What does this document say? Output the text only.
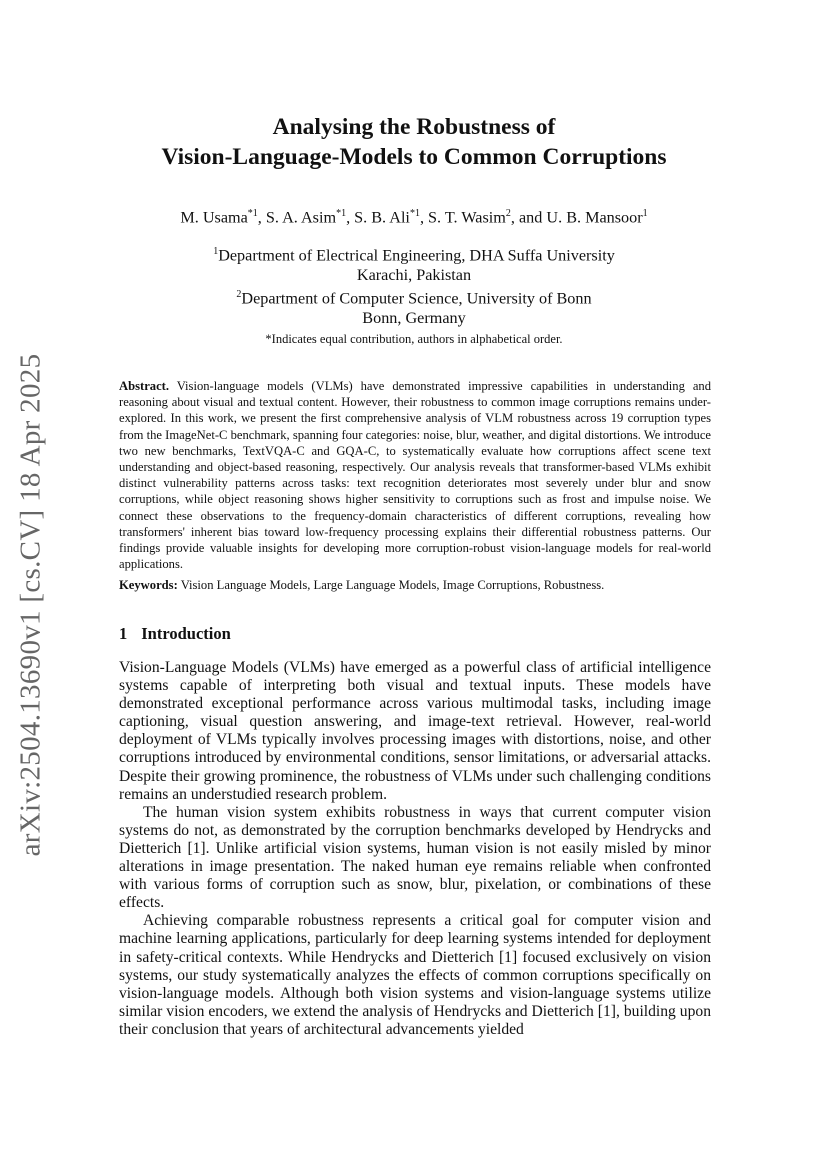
arXiv:2504.13690v1 [cs.CV] 18 Apr 2025
Analysing the Robustness of
Vision-Language-Models to Common Corruptions
M. Usama$^{*1}$, S. A. Asim$^{*1}$, S. B. Ali$^{*1}$, S. T. Wasim$^2$, and U. B. Mansoor$^1$
$^1$Department of Electrical Engineering, DHA Suffa University
Karachi, Pakistan
$^2$Department of Computer Science, University of Bonn
Bonn, Germany
*Indicates equal contribution, authors in alphabetical order.
Abstract. Vision-language models (VLMs) have demonstrated impressive capabilities in understanding and reasoning about visual and textual content. However, their robustness to common image corruptions remains under-explored. In this work, we present the first comprehensive analysis of VLM robustness across 19 corruption types from the ImageNet-C benchmark, spanning four categories: noise, blur, weather, and digital distortions. We introduce two new benchmarks, TextVQA-C and GQA-C, to systematically evaluate how corruptions affect scene text understanding and object-based reasoning, respectively. Our analysis reveals that transformer-based VLMs exhibit distinct vulnerability patterns across tasks: text recognition deteriorates most severely under blur and snow corruptions, while object reasoning shows higher sensitivity to corruptions such as frost and impulse noise. We connect these observations to the frequency-domain characteristics of different corruptions, revealing how transformers' inherent bias toward low-frequency processing explains their differential robustness patterns. Our findings provide valuable insights for developing more corruption-robust vision-language models for real-world applications.
Keywords: Vision Language Models, Large Language Models, Image Corruptions, Robustness.
1 Introduction

Vision-Language Models (VLMs) have emerged as a powerful class of artificial intelligence systems capable of interpreting both visual and textual inputs. These models have demonstrated exceptional performance across various multimodal tasks, including image captioning, visual question answering, and image-text retrieval. However, real-world deployment of VLMs typically involves processing images with distortions, noise, and other corruptions introduced by environmental conditions, sensor limitations, or adversarial attacks. Despite their growing prominence, the robustness of VLMs under such challenging conditions remains an understudied research problem.

The human vision system exhibits robustness in ways that current computer vision systems do not, as demonstrated by the corruption benchmarks developed by Hendrycks and Dietterich [1]. Unlike artificial vision systems, human vision is not easily misled by minor alterations in image presentation. The naked human eye remains reliable when confronted with various forms of corruption such as snow, blur, pixelation, or combinations of these effects.

Achieving comparable robustness represents a critical goal for computer vision and machine learning applications, particularly for deep learning systems intended for deployment in safety-critical contexts. While Hendrycks and Dietterich [1] focused exclusively on vision systems, our study systematically analyzes the effects of common corruptions specifically on vision-language models. Although both vision systems and vision-language systems utilize similar vision encoders, we extend the analysis of Hendrycks and Dietterich [1], building upon their conclusion that years of architectural advancements yielded
